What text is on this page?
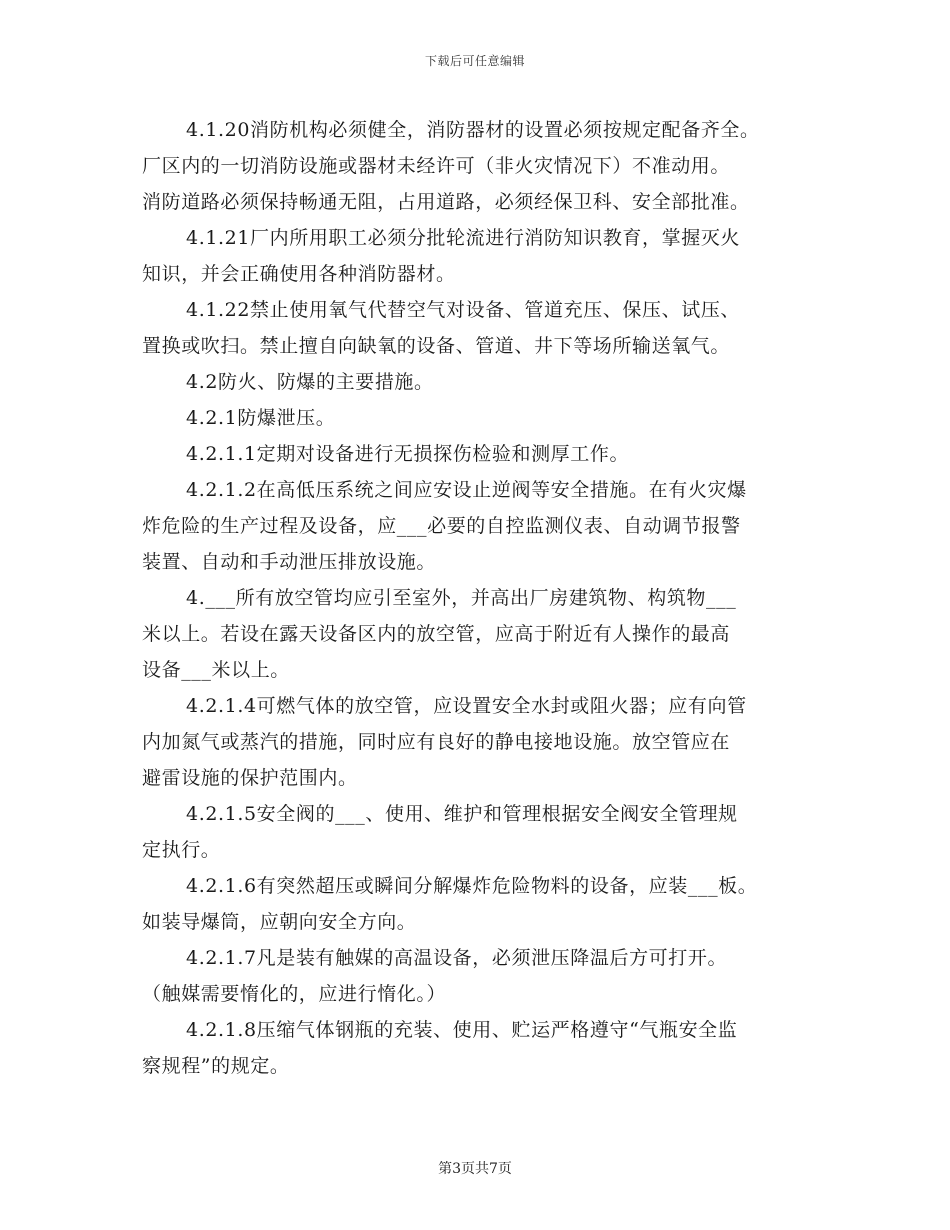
下载后可任意编辑
4.1.20消防机构必须健全，消防器材的设置必须按规定配备齐全。
厂区内的一切消防设施或器材未经许可（非火灾情况下）不准动用。
消防道路必须保持畅通无阻，占用道路，必须经保卫科、安全部批准。
4.1.21厂内所用职工必须分批轮流进行消防知识教育，掌握灭火
知识，并会正确使用各种消防器材。
4.1.22禁止使用氧气代替空气对设备、管道充压、保压、试压、
置换或吹扫。禁止擅自向缺氧的设备、管道、井下等场所输送氧气。
4.2防火、防爆的主要措施。
4.2.1防爆泄压。
4.2.1.1定期对设备进行无损探伤检验和测厚工作。
4.2.1.2在高低压系统之间应安设止逆阀等安全措施。在有火灾爆
炸危险的生产过程及设备，应___必要的自控监测仪表、自动调节报警
装置、自动和手动泄压排放设施。
4.___所有放空管均应引至室外，并高出厂房建筑物、构筑物___
米以上。若设在露天设备区内的放空管，应高于附近有人操作的最高
设备___米以上。
4.2.1.4可燃气体的放空管，应设置安全水封或阻火器；应有向管
内加氮气或蒸汽的措施，同时应有良好的静电接地设施。放空管应在
避雷设施的保护范围内。
4.2.1.5安全阀的___、使用、维护和管理根据安全阀安全管理规
定执行。
4.2.1.6有突然超压或瞬间分解爆炸危险物料的设备，应装___板。
如装导爆筒，应朝向安全方向。
4.2.1.7凡是装有触媒的高温设备，必须泄压降温后方可打开。
（触媒需要惰化的，应进行惰化。）
4.2.1.8压缩气体钢瓶的充装、使用、贮运严格遵守“气瓶安全监
察规程”的规定。
第3页共7页
